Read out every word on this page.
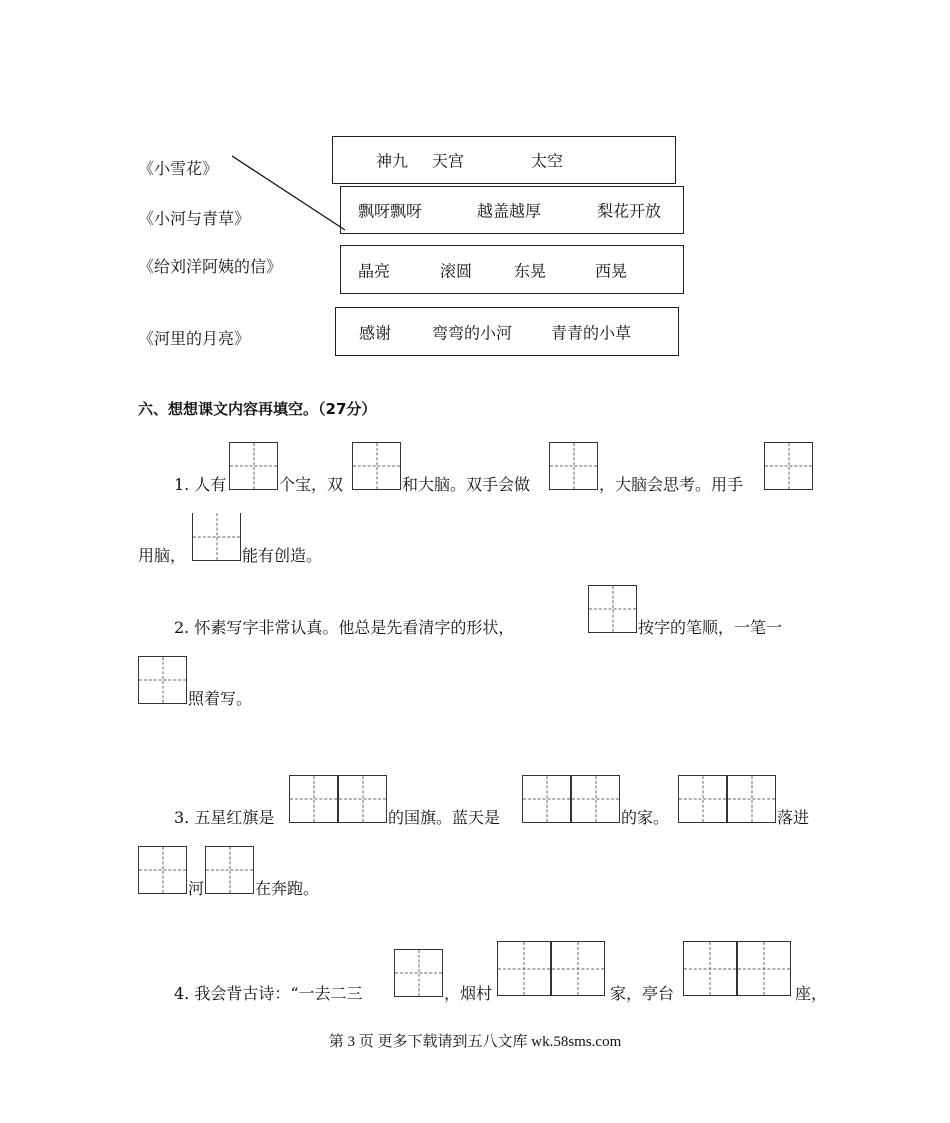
《小雪花》
《小河与青草》
《给刘洋阿姨的信》
《河里的月亮》
神九 天宫	太空
飘呀飘呀	越盖越厚	梨花开放
晶亮	滚圆	东晃	西晃
感谢	弯弯的小河 青青的小草
六、想想课文内容再填空。（27分）
1. 人有	个宝，双	和大脑。双手会做	，大脑会思考。用手
用脑，	能有创造。
2. 怀素写字非常认真。他总是先看清字的形状，	按字的笔顺，一笔一
照着写。
3. 五星红旗是	的国旗。蓝天是	的家。	落进
河	在奔跑。
4. 我会背古诗：“一去二三	，烟村	家，亭台	座，
第 3 页 更多下载请到五八文库 wk.58sms.com
